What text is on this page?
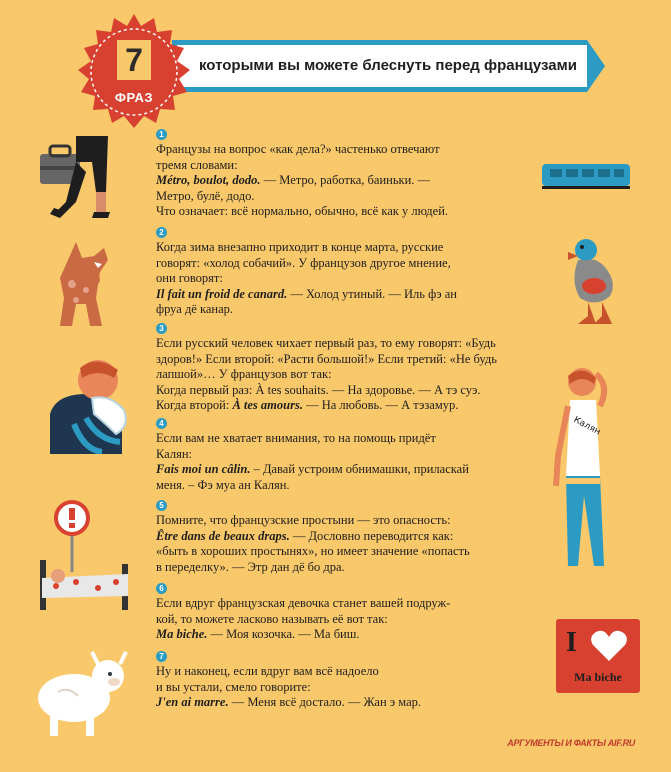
которыми вы можете блеснуть перед французами
7
ФРАЗ
1
Французы на вопрос «как дела?» частенько отвечают
тремя словами:
Métro, boulot, dodo. — Метро, работка, баиньки. —
Метро, булё, додо.
Что означает: всё нормально, обычно, всё как у людей.
2
Когда зима внезапно приходит в конце марта, русские
говорят: «холод собачий». У французов другое мнение,
они говорят:
Il fait un froid de canard. — Холод утиный. — Иль фэ ан
фруа дё канар.
3
Если русский человек чихает первый раз, то ему говорят: «Будь
здоров!» Если второй: «Расти большой!» Если третий: «Не будь
лапшой»… У французов вот так:
Когда первый раз: À tes souhaits. — На здоровье. — А тэ суэ.
Когда второй: À tes amours. — На любовь. — А тэзамур.
4
Если вам не хватает внимания, то на помощь придёт
Калян:
Fais moi un câlin. – Давай устроим обнимашки, приласкай
меня. – Фэ муа ан Калян.
5
Помните, что французские простыни — это опасность:
Être dans de beaux draps. — Дословно переводится как:
«быть в хороших простынях», но имеет значение «попасть
в переделку». — Этр дан дё бо дра.
6
Если вдруг французская девочка станет вашей подруж-
кой, то можете ласково называть её вот так:
Ma biche. — Моя козочка. — Ма биш.
7
Ну и наконец, если вдруг вам всё надоело
и вы устали, смело говорите:
J'en ai marre. — Меня всё достало. — Жан э мар.
Калян
I
Ma biche
АРГУМЕНТЫ И ФАКТЫ AIF.RU
